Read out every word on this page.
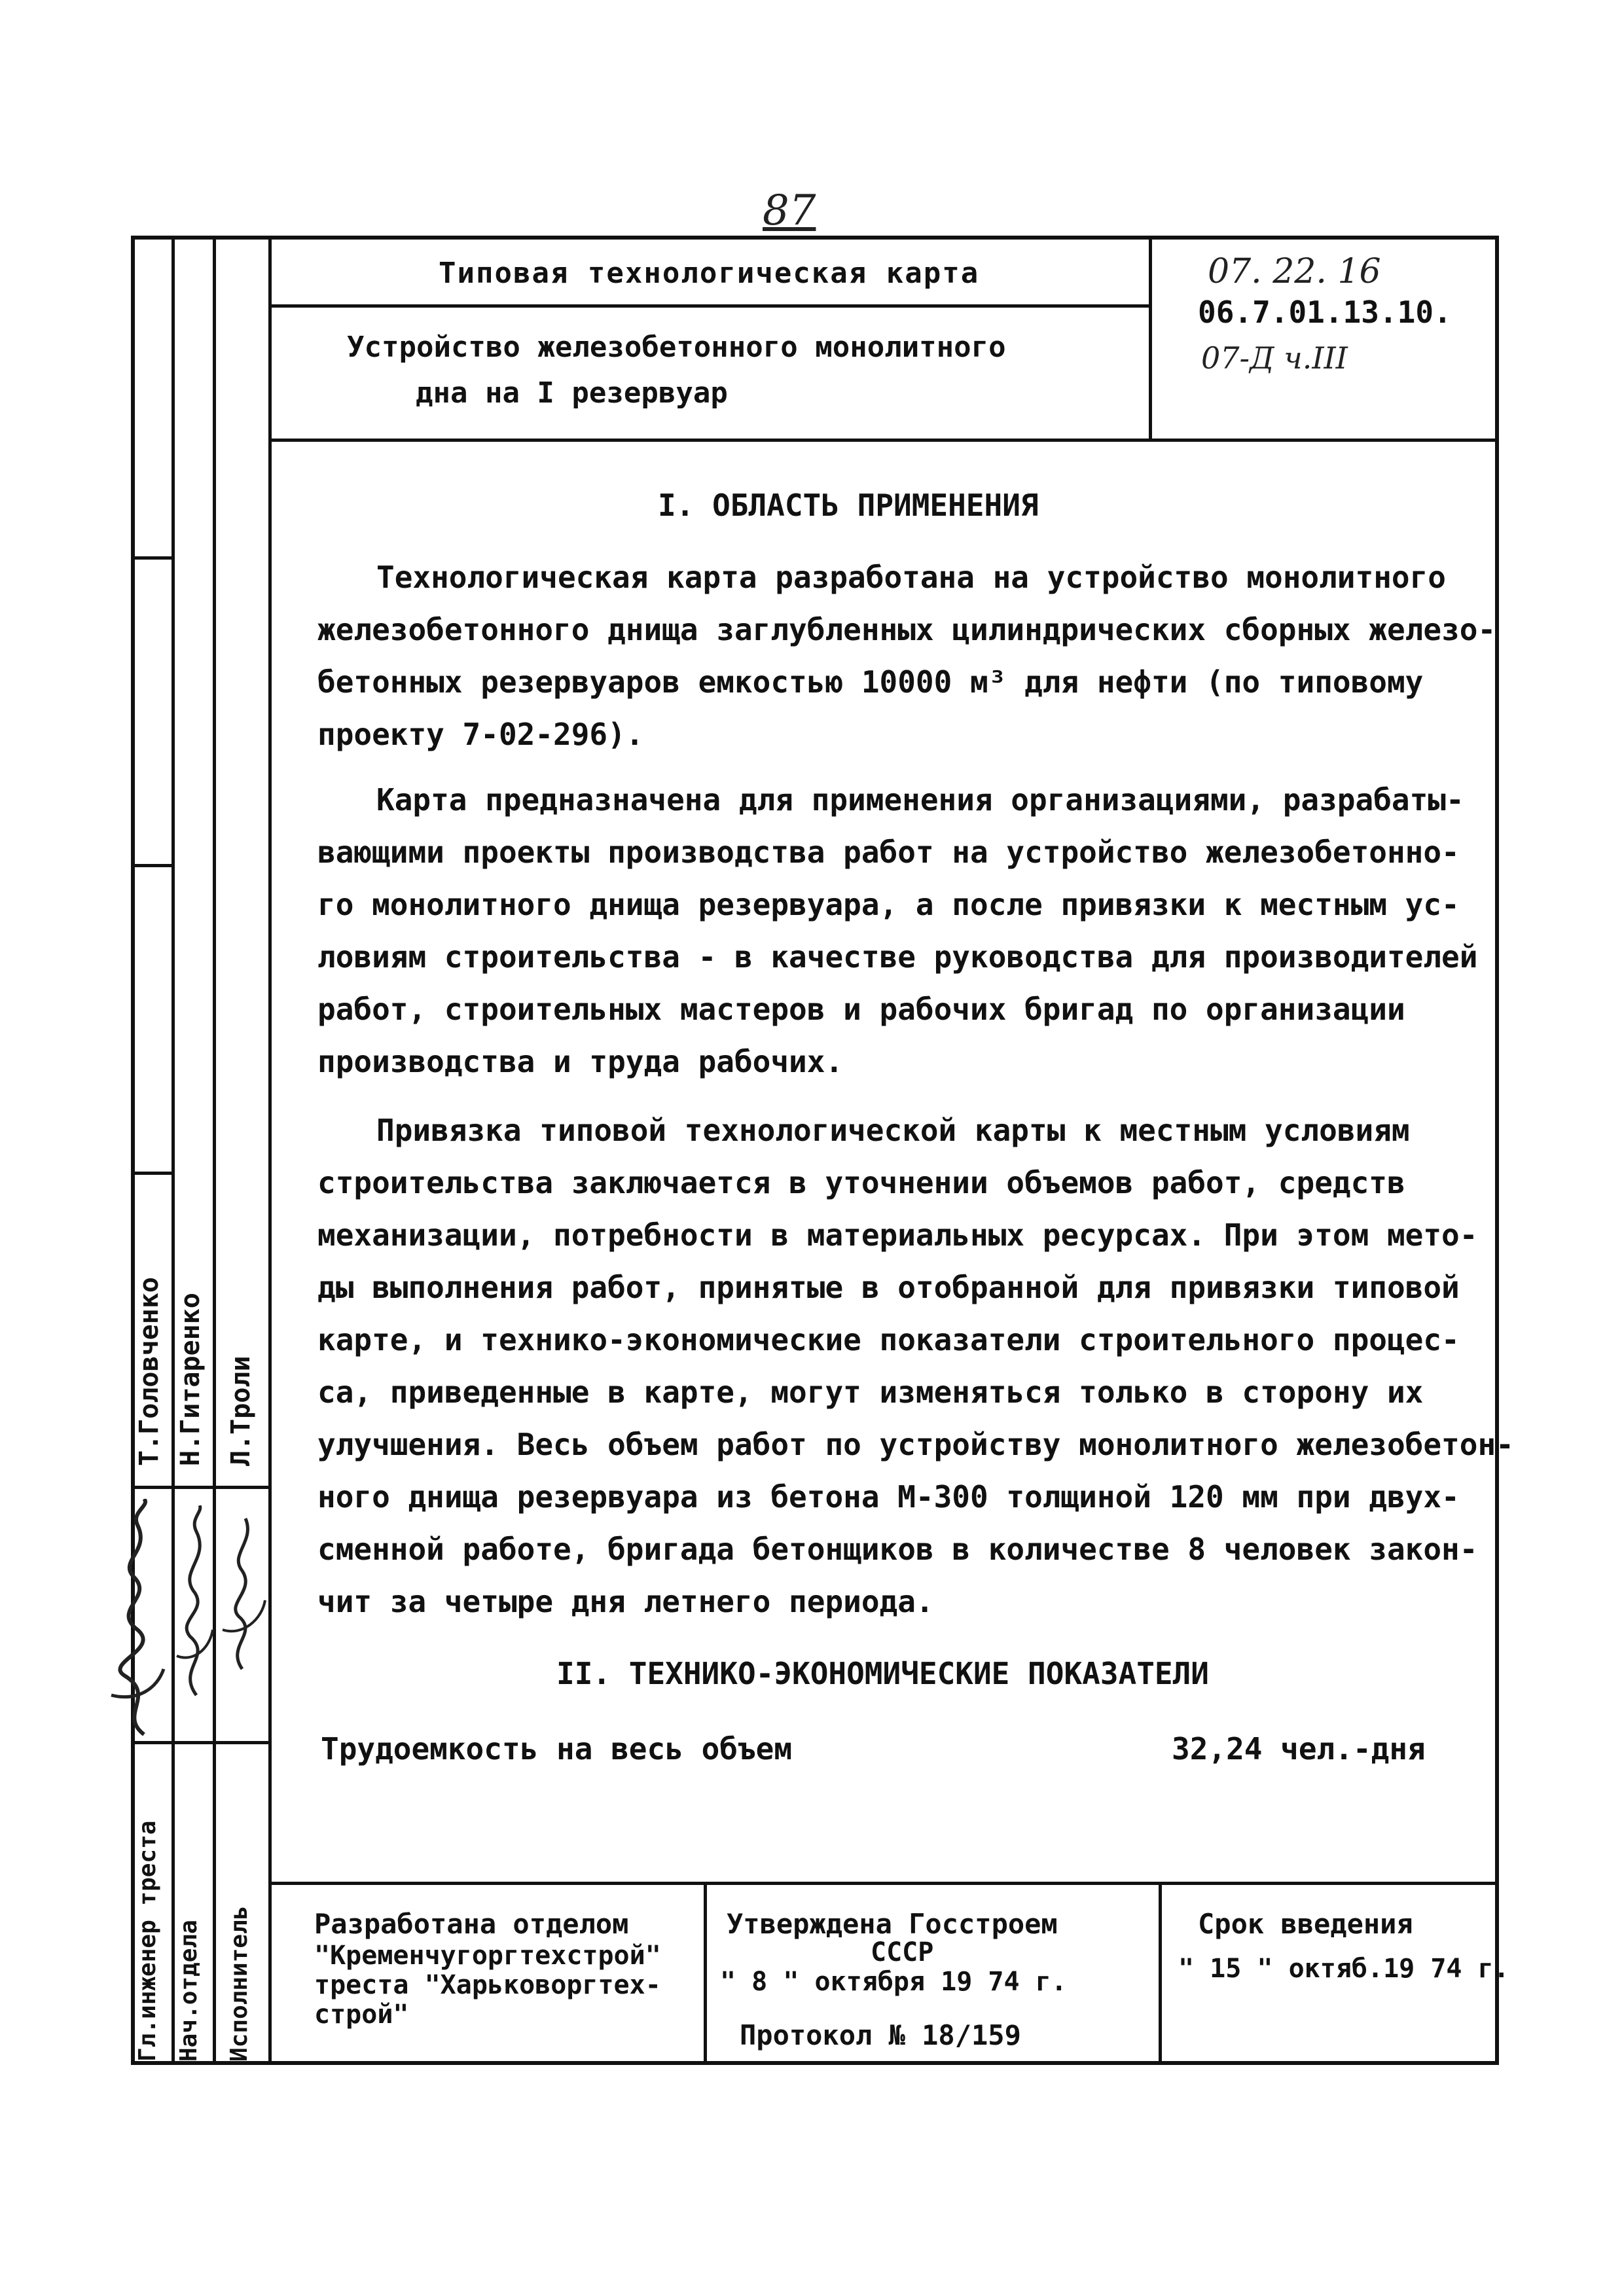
87
Типовая технологическая карта
Устройство железобетонного монолитного
дна на I резервуар
07. 22. 16
06.7.01.13.10.
07-Д ч.III
I. ОБЛАСТЬ ПРИМЕНЕНИЯ
Технологическая карта разработана на устройство монолитного
железобетонного днища заглубленных цилиндрических сборных железо-
бетонных резервуаров емкостью 10000 м³ для нефти (по типовому
проекту 7-02-296).
Карта предназначена для применения организациями, разрабаты-
вающими проекты производства работ на устройство железобетонно-
го монолитного днища резервуара, а после привязки к местным ус-
ловиям строительства - в качестве руководства для производителей
работ, строительных мастеров и рабочих бригад по организации
производства и труда рабочих.
Привязка типовой технологической карты к местным условиям
строительства заключается в уточнении объемов работ, средств
механизации, потребности в материальных ресурсах. При этом мето-
ды выполнения работ, принятые в отобранной для привязки типовой
карте, и технико-экономические показатели строительного процес-
са, приведенные в карте, могут изменяться только в сторону их
улучшения. Весь объем работ по устройству монолитного железобетон-
ного днища резервуара из бетона М-300 толщиной 120 мм при двух-
сменной работе, бригада бетонщиков в количестве 8 человек закон-
чит за четыре дня летнего периода.
II. ТЕХНИКО-ЭКОНОМИЧЕСКИЕ ПОКАЗАТЕЛИ
Трудоемкость на весь объем	32,24 чел.-дня
Разработана отделом
"Кременчугоргтехстрой"
треста "Харьковоргтех-
строй"
Утверждена Госстроем
СССР
" 8 " октября 19 74 г.
Протокол № 18/159
Срок введения
" 15 " октяб.19 74 г.
Т.Головченко Н.Гитаренко Л.Троли
Гл.инженер треста Нач.отдела Исполнитель
